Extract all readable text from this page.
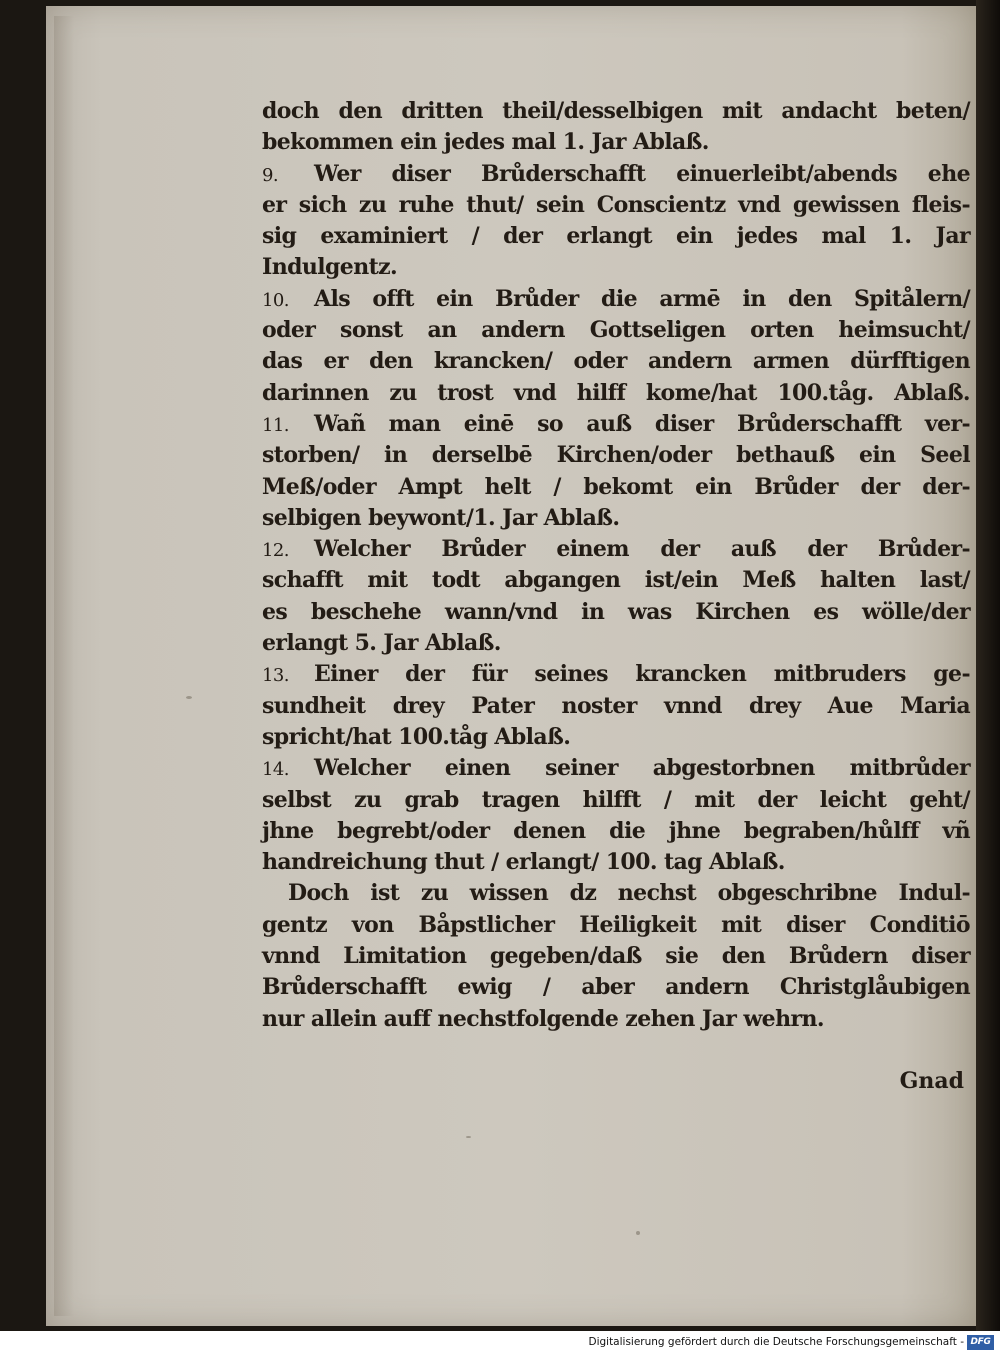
doch den dritten theil/desselbigen mit andacht beten/
bekommen ein jedes mal 1. Jar Ablaß.
9. Wer diser Brůderschafft einuerleibt/abends ehe
er sich zu ruhe thut/ sein Conscientz vnd gewissen fleis-
sig examiniert / der erlangt ein jedes mal 1. Jar
Indulgentz.
10. Als offt ein Brůder die armē in den Spitålern/
oder sonst an andern Gottseligen orten heimsucht/
das er den krancken/ oder andern armen dürfftigen
darinnen zu trost vnd hilff kome/hat 100.tåg. Ablaß.
11. Wañ man einē so auß diser Brůderschafft ver-
storben/ in derselbē Kirchen/oder bethauß ein Seel
Meß/oder Ampt helt / bekomt ein Brůder der der-
selbigen beywont/1. Jar Ablaß.
12. Welcher Brůder einem der auß der Brůder-
schafft mit todt abgangen ist/ein Meß halten last/
es beschehe wann/vnd in was Kirchen es wölle/der
erlangt 5. Jar Ablaß.
13. Einer der für seines krancken mitbruders ge-
sundheit drey Pater noster vnnd drey Aue Maria
spricht/hat 100.tåg Ablaß.
14. Welcher einen seiner abgestorbnen mitbrůder
selbst zu grab tragen hilfft / mit der leicht geht/
jhne begrebt/oder denen die jhne begraben/hůlff vñ
handreichung thut / erlangt/ 100. tag Ablaß.
Doch ist zu wissen dz nechst obgeschribne Indul-
gentz von Båpstlicher Heiligkeit mit diser Conditiō
vnnd Limitation gegeben/daß sie den Brůdern diser
Brůderschafft ewig / aber andern Christglåubigen
nur allein auff nechstfolgende zehen Jar wehrn.
Gnad
Digitalisierung gefördert durch die Deutsche Forschungsgemeinschaft - DFG
